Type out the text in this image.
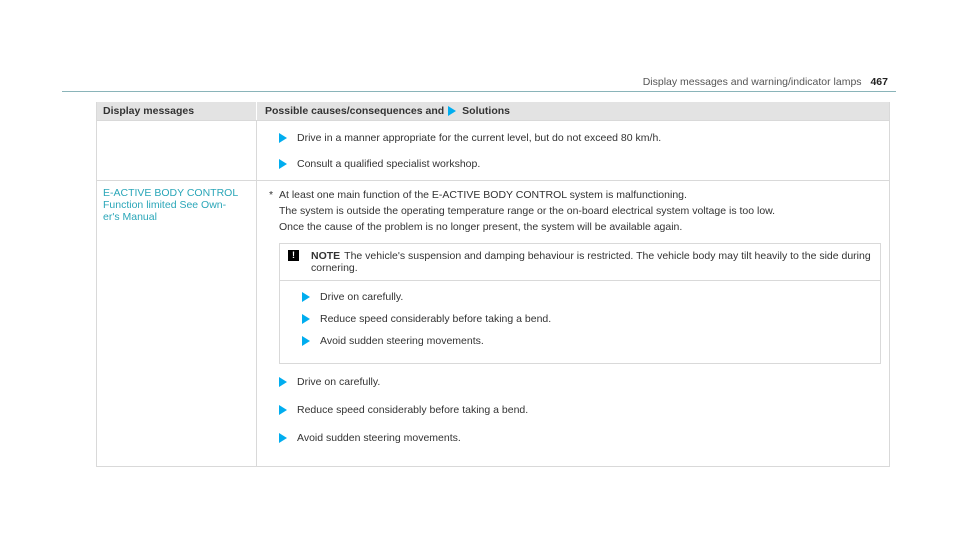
Display messages and warning/indicator lamps 467
Display messages	Possible causes/consequences and Solutions
Drive in a manner appropriate for the current level, but do not exceed 80 km/h.
Consult a qualified specialist workshop.
E-ACTIVE BODY CONTROL
Function limited See Own-
er's Manual
* At least one main function of the E-ACTIVE BODY CONTROL system is malfunctioning.
The system is outside the operating temperature range or the on-board electrical system voltage is too low.
Once the cause of the problem is no longer present, the system will be available again.
!	NOTE The vehicle's suspension and damping behaviour is restricted. The vehicle body may tilt heavily to the side during cornering.
Drive on carefully.
Reduce speed considerably before taking a bend.
Avoid sudden steering movements.
Drive on carefully.
Reduce speed considerably before taking a bend.
Avoid sudden steering movements.
